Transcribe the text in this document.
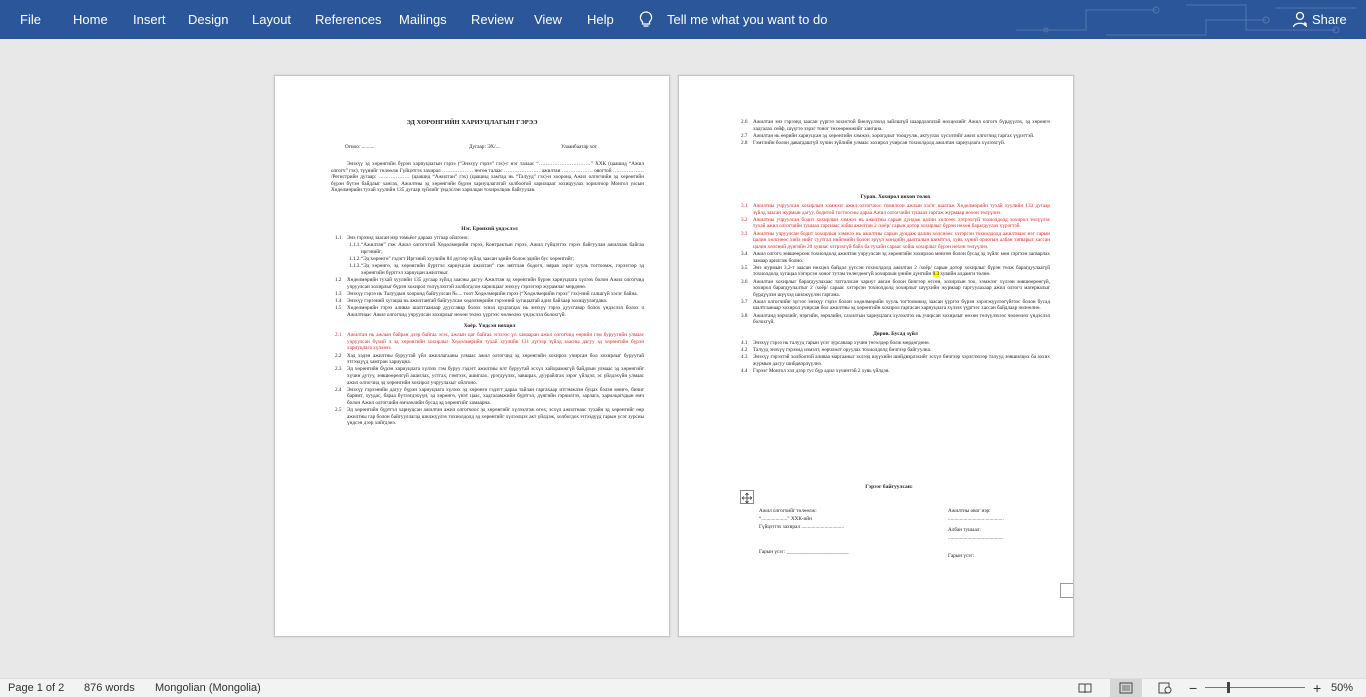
File Home Insert Design Layout References Mailings Review View Help	Tell me what you want to do	Share
ЭД ХӨРӨНГИЙН ХАРИУЦЛАГЫН ГЭРЭЭ
Огноо: ..........	Дугаар: ЭХ/....	Улаанбаатар хот
Энэхүү эд хөрөнгийн бүрэн хариуцлагын гэрээ (“Энэхүү гэрээ” гэх)-г нэг талаас “…………………………” ХХК (цаашид “Ажил олгогч” гэх), түүнийг төлөөлж Гүйцэтгэх захирал ……………… нөгөө талаас ………………… ажилтан ……………… овогтой ……………… /Регистрийн дугаар: ……………… (цаашид “Ажилтан” гэх) (цаашид хамтад нь “Талууд” гэх)-н хооронд Ажил олгогчийн эд хөрөнгийн бүрэн бүтэн байдлыг хангах, Ажилтны эд хөрөнгийн бүрэн хариуцлагатай холбоотой харилцааг зохицуулах зорилгоор Монгол улсын Хөдөлмөрийн тухай хуулийн 135 дугаар зүйлийг үндэслэн харилцан тохиролцож байгуулав.
Нэг. Ерөнхий үндэслэл
1.1 Энэ гэрээнд заасан нэр томьёог дараах утгаар ойлгоно:
1.1.1. “Ажилтан” гэж Ажил олгогчтой Хөдөлмөрийн гэрээ, Контрактын гэрээ, Ажил гүйцэтгэх гэрээ байгуулан ажиллаж байгаа иргэнийг;
1.1.2. “Эд хөрөнгө” гэдэгт Иргэний хуулийн 84 дүгээр зүйлд заасан эдийн болон эдийн бус хөрөнгийг;
1.1.3. “Эд хөрөнгө, эд хөрөнгийн бүртгэл хариуцсан ажилтан” гэж нягтлан бодогч, нярав зэрэг хууль тогтоомж, гэрээгээр эд хөрөнгийн бүртгэл хариуцан ажилтныг.
1.2 Хөдөлмөрийн тухай хуулийн 135 дугаар зүйлд заасны дагуу Ажилтан эд хөрөнгийн бүрэн хариуцлага хүлээх болон Ажил олгогчид учруулсан хохирлыг бүрэн хохирол төлүүлэхтэй холбогдсон харилцааг энэхүү гэрээгээр журамлаг мөрдөнө.
1.3 Энэхүү гэрээ нь Талуудын хооронд байгуулсан №.... тоот Хөдөлмөрийн гэрээ (“Хөдөлмөрийн гэрээ” гэх)-ний салшгүй хэсэг байна.
1.4 Энэхүү гэрээний хугацаа нь ажилтантай байгуулсан хөдөлмөрийн гэрээний хугацаатай адил байхаар зохицуулагдана.
1.5 Хөдөлмөрийн гэрээ аливаа шалтгаанаар дуусгавар болох эсвэл цуцлагдах нь энэхүү гэрээ дуусгавар болох үндэслэл болох ч Ажилтнаас Ажил олгогчид учруулсан хохирлыг нөхөн төлөх үүргээс чөлөөлөх үндэслэл болохгүй.
Хоёр. Үндсэн нөхцөл
2.1 Ажилтан нь ажлын байран дээр байгаа эсэх, ажлын цаг байгаа эсэхээс үл хамааран ажил олгогчид өөрийн гэм буруугийн улмаас учруулсан бүхий л эд хөрөнгийн хохирлыг Хөдөлмөрийн тухай хуулийн 131 дүгээр зүйлд заасны дагуу эд хөрөнгийн бүрэн хариуцлага хүлээнэ.
2.2 Хэд хэдэн ажилтны буруутай үйл ажиллагааны улмаас ажил олгогчид эд хөрөнгийн хохирол учирсан бол хохирлыг буруутай этгээдүүд хамтран хариуцна.
2.3 Эд хөрөнгийн бүрэн хариуцлага хүлээх гэм буруу гэдэгт ажилтны илт буруутай эсхүл хайхрамжгүй байдлын улмаас эд хөрөнгийг хүчин дутуу, зөвшөөрөлгүй ашиглах, устгах, гэмтээх, ашиглах, үрэгдүүлэх, завшрах, дуурайлгах зэрэг үйлдэл, эс үйлдэхүйн улмаас ажил олгогчид эд хөрөнгийн хохирол учруулахыг ойлгоно.
2.4 Энэхүү гэрээнийн дагуу бүрэн хариуцлага хүлээх эд хөрөнгө гэдэгт дараа тайлан гаргахаар итгэмжлэн буцах бэлэн мөнгө, бичиг баримт, хуудас, бараа бүтээгдэхүүн, эд хөрөнгө, үнэт цаас, хадгаламжийн бүртгэл, дүнгийн гэрчилгээ, зарлага, харилцагчдын өмч болон Ажил олгогчийн өмчлөлийн бусад эд хөрөнгийг хамаарна.
2.5 Эд хөрөнгийн бүртгэл хариуцсан ажилтан ажил олгогчоос эд хөрөнгийг хүлээлгэж өгөх, эсхүл ажилтнаас тухайн эд хөрөнгийг өөр ажилтны гар болон байгууллагад шилжүүлэх тохиолдолд эд хөрөнгийг хүлээлцэх акт үйлдэж, холбогдох этгээдүүд гарын үсэг зурсны үндсэн дээр хийгдэнэ.
2.6 Ажилтан энэ гэрээнд заасан үүргээ зохистой биелүүлэхэд зайлшгүй шаардлагатай нөхцөлийг Ажил олгогч бүрдүүлэх, эд хөрөнгө хадгалах сейф, шүүгээ зэрэг тоног төхөөрөмжийг хангана.
2.7 Ажилтан нь өөрийн хариуцсан эд хөрөнгийн хэмжээ, хорогдлыг тооцуулж, актуулах хүсэлтийг ажил олгогчид гаргах үүрэгтэй.
2.8 Гэмтлийн болон давагдашгүй хүчин зүйлийн улмаас хохирол учирсан тохиолдолд ажилтан хариуцлага хүлээхгүй.
Гурав. Хохирол нөхөн төлөх
3.1 Ажилтны учруулсан хохирлын хэмжээг ажил олгогчоос томилсон ажлын хэсэг шалгаж Хөдөлмөрийн тухай хуулийн 133 дугаар зүйлд заасан журмын дагуу, бодитой тогтоосны дараа Ажил олгогчийн тушаал гаргаж журмаар нөхөн төлүүлнэ.
3.2 Ажилтны учруулсан бодит хохирлын хэмжээ нь ажилтны сарын дундаж цалин хөлсөөс хэтрэхгүй тохиолдолд хохирол төлүүлэх тухай ажил олгогчийн тушаал гарснаас хойш ажилтан 2 /хоёр/ сарын дотор хохирлыг бүрэн нөхөн барагдуулах үүрэгтэй.
3.3 Ажилтны учруулсан бодит хохирлын хэмжээ нь ажилтны сарын дундаж цалин хөлснөөс хэтэрсэн тохиолдолд ажилтнаас нэг сарын цалин хөлснөөс хийх нийт суутгал нийгмийн болон эрүүл мэндийн даатгалын шимтгэл, хувь хүний орлогын албан татварыг хассан цалин хөлсний дүнгийн 20 хувиас хэтрэхгүй байх ба тухайн сараас хойш хохирлыг бүрэн нөхөн төлүүлнэ.
3.4 Ажил олгогч зөвшөөрсөн тохиолдолд ажилтан учруулсан эд хөрөнгийн хохирлоо мөнгөн болон бусад эд зүйлс мөн сэргээн засварлах замаар арилгаж болно.
3.5 Энэ журмын 3.2-т заасан нөхцөл байдал үүссэн тохиолдолд ажилтан 2 /хоёр/ сарын дотор хохирлыг бүрэн төлж барагдуулаагүй тохиолдолд хугацаа хэтэрсэн хоног тутам төлөгдөөгүй хохирлын үнийн дүнгийн 0.3 хувийн алданги төлнө.
3.6 Ажилтан хохирлыг барагдуулахаас татгалзсан хариуг авсан болон бичгээр өгсөн, хохирлын тоо, хэмжээг хүлээн зөвшөөрөөгүй, хохирол барагдуулалтыг 2 /хоёр/ сараас хэтэрсэн тохиолдолд хохирлыг шүүхийн журмаар гаргуулахаар ажил олгогч материалыг бүрдүүлэн шүүхэд шилжүүлэн гаргана.
3.7 Ажил олгогчийн зүгээс энэхүү гэрээ болон хөдөлмөрийн хууль тогтоомжид заасан үүргээ бүрэн хэрэгжүүлээгүйгээс болон бусад шалтгаанаар хохирол учирсан бол ажилтны эд хөрөнгийн хохирол гаргасан хариуцлага хүлээх үүргээс хассан байдлаар чөлөөлнө.
3.8 Ажилтанд зөрчлийг, нэргийн, зөрчлийн, сахилгын хариуцлага хүлээлгэх нь учирсан хохирлыг нөхөн төлүүлэхээс чөлөөлөх үндэслэл болохгүй.
Дөрөв. Бусад зүйл
4.1 Энэхүү гэрээ нь талууд гарын үсэг зурсанаар хүчин төгөлдөр болж мөрдөгдөнө.
4.2 Талууд энэхүү гэрээнд нэмэлт, өөрчлөлт оруулах тохиолдолд бичгээр байгуулна.
4.3 Энэхүү гэрээтэй холбоотой аливаа маргааныг эхлээд шүүхийн шийдвэрлэхийг эсхүл бичгээр хэрэглэхээр талууд зөвшилцөх ба зохих журмын дагуу шийдвэрлүүлнэ.
4.4 Гэрээг Монгол хэл дээр тус бүр адил хүчинтэй 2 хувь үйлдэв.
Гэрээг байгуулсан:
Ажил олгогчийг төлөөлж:
“....................” ХХК-ийн
Гүйцэтгэх захирал .................................
Гарын үсэг: ________________________
Ажилтны овог нэр:
...........................................
Албан тушаал:
...........................................
Гарын үсэг:
Page 1 of 2 876 words Mongolian (Mongolia)	−	+ 50%
